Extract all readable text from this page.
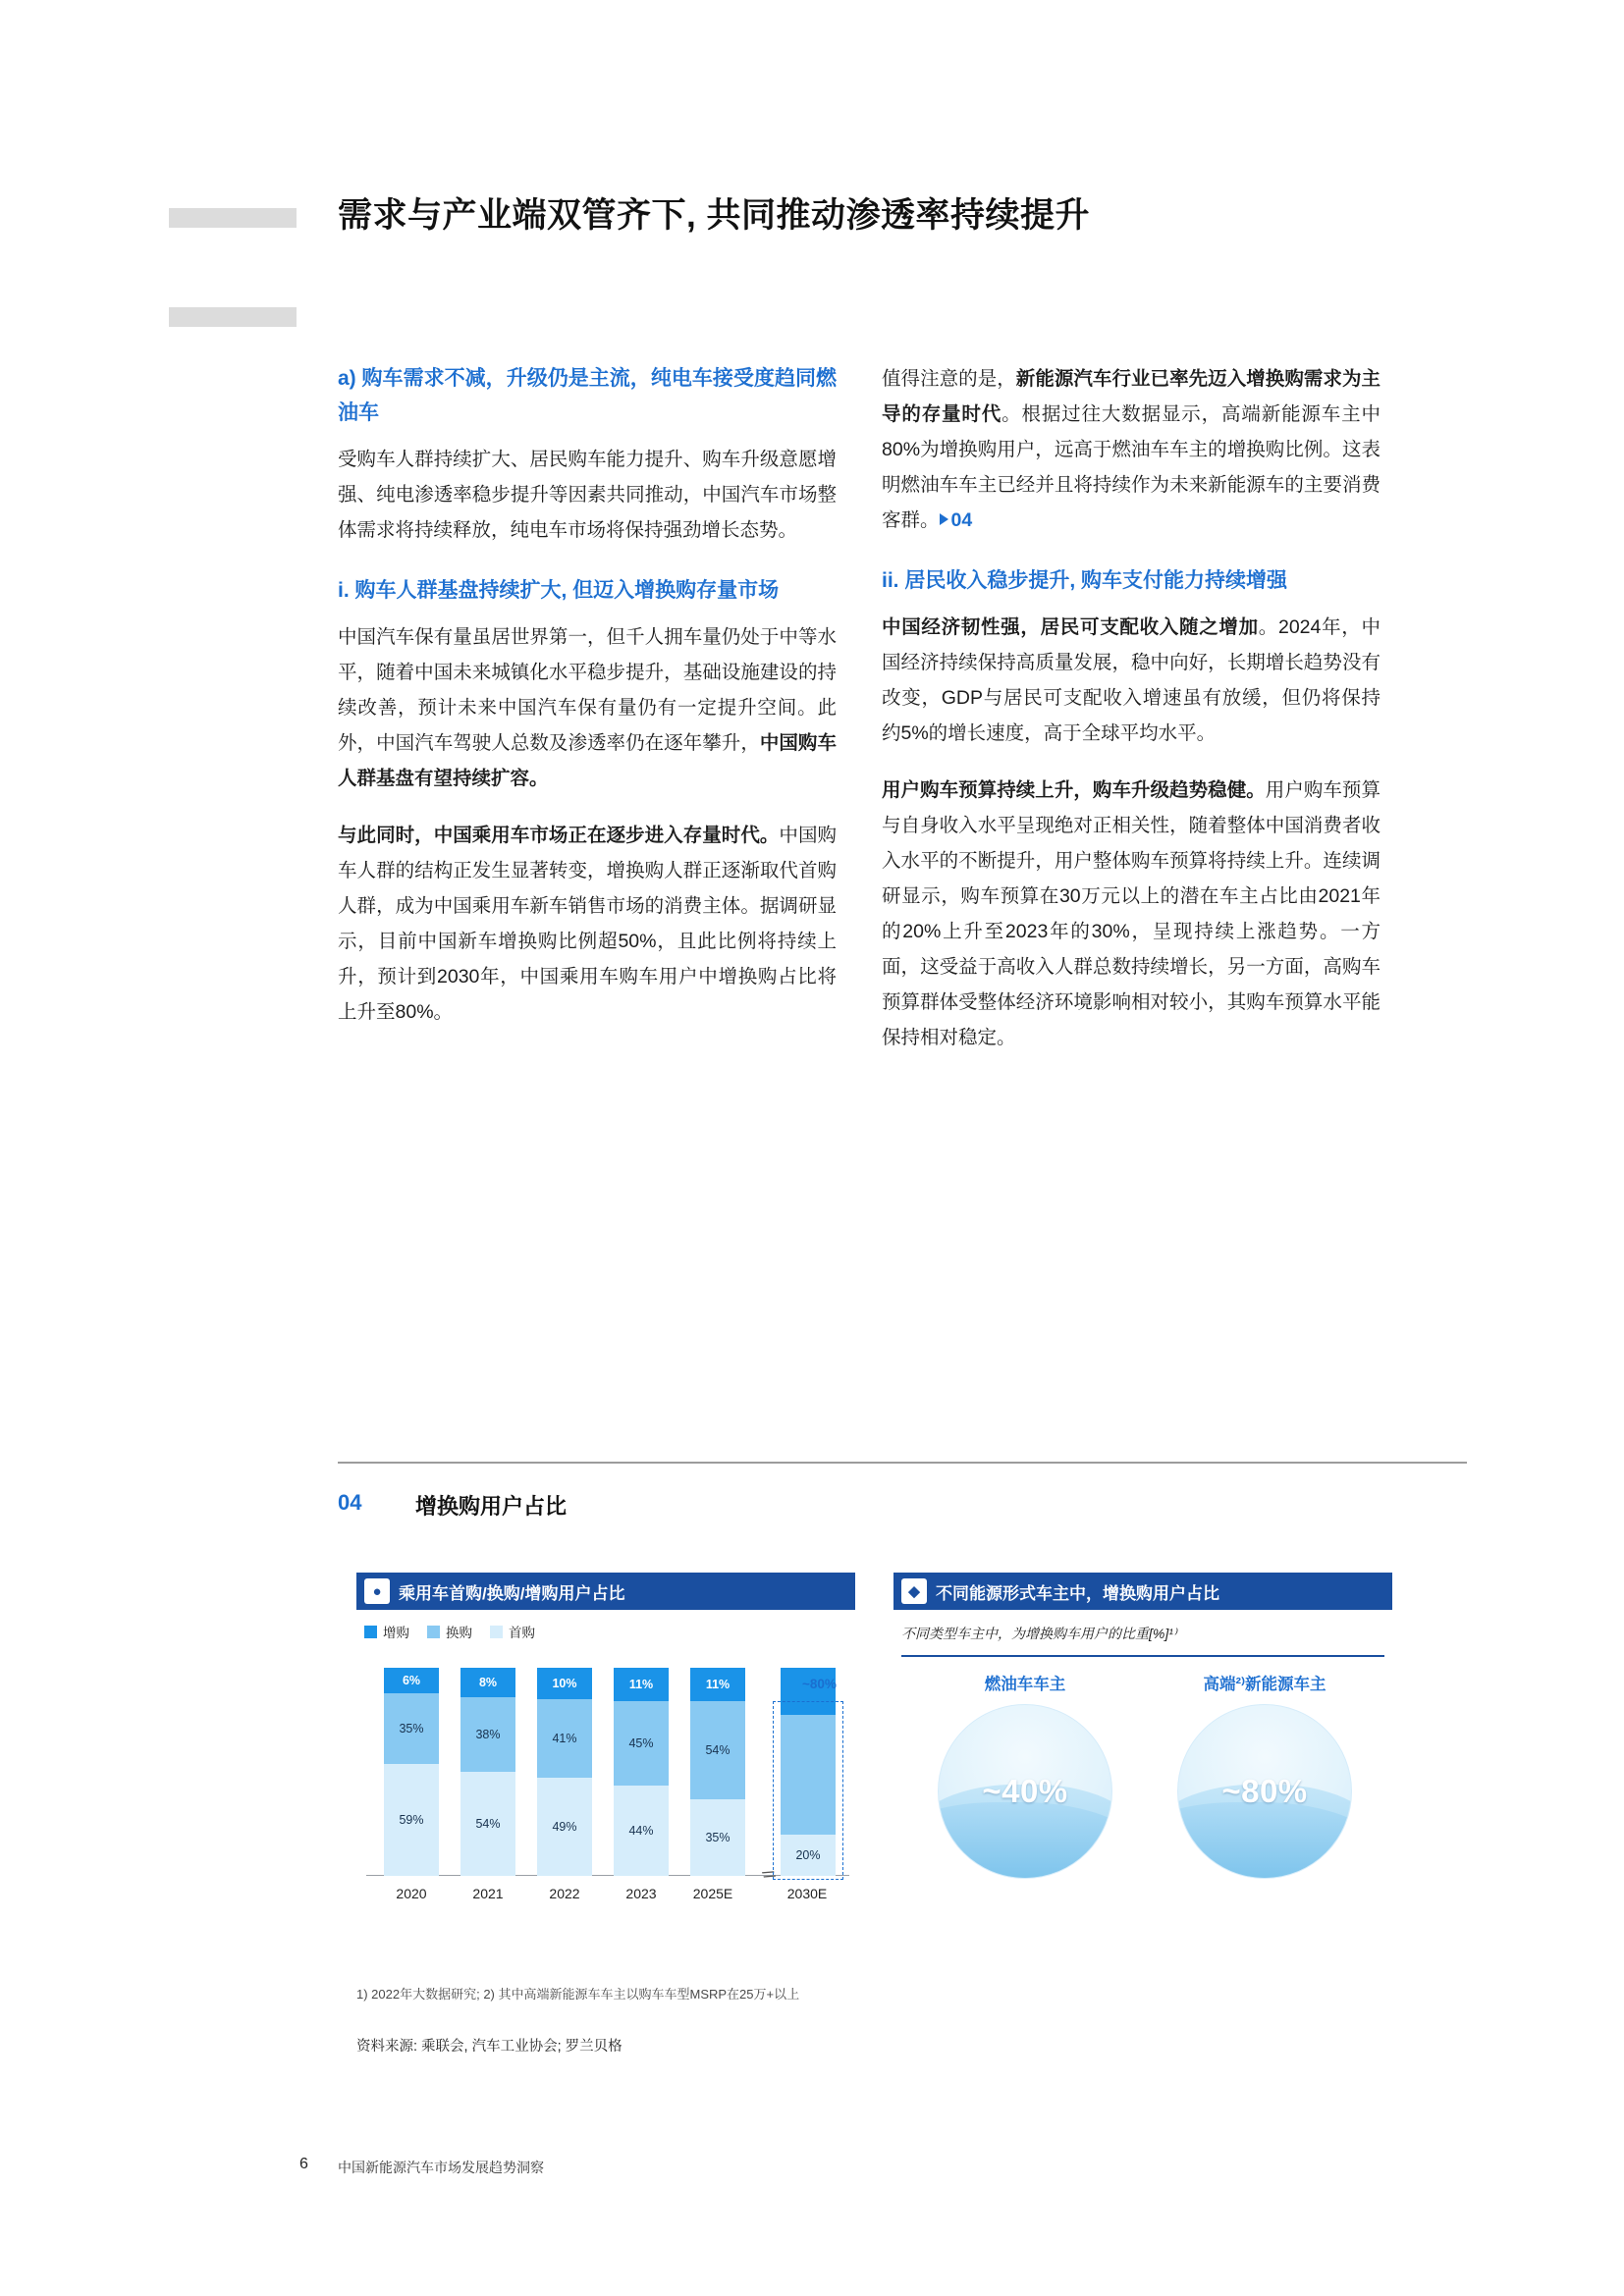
需求与产业端双管齐下, 共同推动渗透率持续提升
a) 购车需求不减，升级仍是主流，纯电车接受度趋同燃油车
受购车人群持续扩大、居民购车能力提升、购车升级意愿增强、纯电渗透率稳步提升等因素共同推动，中国汽车市场整体需求将持续释放，纯电车市场将保持强劲增长态势。
i. 购车人群基盘持续扩大, 但迈入增换购存量市场
中国汽车保有量虽居世界第一，但千人拥车量仍处于中等水平，随着中国未来城镇化水平稳步提升，基础设施建设的持续改善，预计未来中国汽车保有量仍有一定提升空间。此外，中国汽车驾驶人总数及渗透率仍在逐年攀升，中国购车人群基盘有望持续扩容。
与此同时，中国乘用车市场正在逐步进入存量时代。中国购车人群的结构正发生显著转变，增换购人群正逐渐取代首购人群，成为中国乘用车新车销售市场的消费主体。据调研显示，目前中国新车增换购比例超50%，且此比例将持续上升，预计到2030年，中国乘用车购车用户中增换购占比将上升至80%。
值得注意的是，新能源汽车行业已率先迈入增换购需求为主导的存量时代。根据过往大数据显示，高端新能源车主中80%为增换购用户，远高于燃油车车主的增换购比例。这表明燃油车车主已经并且将持续作为未来新能源车的主要消费客群。 04
ii. 居民收入稳步提升, 购车支付能力持续增强
中国经济韧性强，居民可支配收入随之增加。2024年，中国经济持续保持高质量发展，稳中向好，长期增长趋势没有改变，GDP与居民可支配收入增速虽有放缓，但仍将保持约5%的增长速度，高于全球平均水平。
用户购车预算持续上升，购车升级趋势稳健。用户购车预算与自身收入水平呈现绝对正相关性，随着整体中国消费者收入水平的不断提升，用户整体购车预算将持续上升。连续调研显示，购车预算在30万元以上的潜在车主占比由2021年的20%上升至2023年的30%，呈现持续上涨趋势。一方面，这受益于高收入人群总数持续增长，另一方面，高购车预算群体受整体经济环境影响相对较小，其购车预算水平能保持相对稳定。
04 增换购用户占比
●	乘用车首购/换购/增购用户占比
增购	换购	首购
6%
35%
59%
2020
8%
38%
54%
2021
10%
41%
49%
2022
11%
45%
44%
2023
11%
54%
35%
2025E
//
20%
~80%
2030E
1) 2022年大数据研究; 2) 其中高端新能源车车主以购车车型MSRP在25万+以上
资料来源: 乘联会, 汽车工业协会; 罗兰贝格
◆ 不同能源形式车主中，增换购用户占比
不同类型车主中，为增换购车用户的比重[%]¹⁾
燃油车车主
~40%
高端²⁾新能源车主
~80%
6 中国新能源汽车市场发展趋势洞察
